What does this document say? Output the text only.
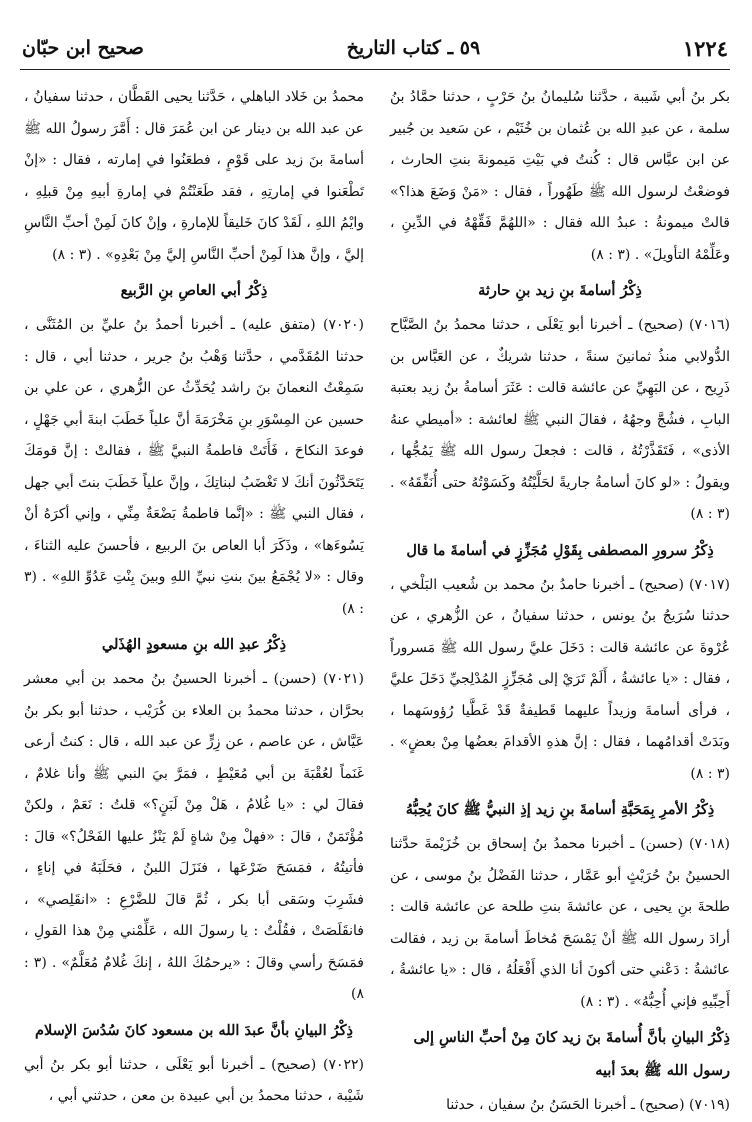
١٢٢٤
٥٩ ـ كتاب التاريخ
صحيح ابن حبّان

بكر بنُ أبي شَيبة ، حدَّثنا سُليمانُ بنُ حَرْبٍ ، حدثنا حمَّادُ بنُ سلمة ، عن عبدِ الله بن عُثمان بن خُثَيْم ، عن سَعيد بن جُبير عن ابن عبَّاس قال : كُنتُ في بَيْتِ مَيمونةَ بنتِ الحارث ، فوضعْتُ لرسول الله ﷺ طَهُوراً ، فقال : «مَنْ وَضَعَ هذا؟» قالتْ ميمونةُ : عبدُ الله فقال : «اللهُمَّ فَقِّهْهُ في الدِّينِ ، وعَلِّمْهُ التأويلَ» . (٣ : ٨)

ذِكْرُ أسامةَ بنِ زيد بنِ حارثة

(٧٠١٦) (صحيح) ـ أخبرنا أبو يَعْلَى ، حدثنا محمدُ بنُ الصَّبَّاح الدُّولابي منذُ ثمانينَ سنةً ، حدثنا شريكٌ ، عن العَبَّاس بن ذَرِيح ، عن البَهِيِّ عن عائشة قالت : عَثَرَ أسامةُ بنُ زيد بعتبة البابِ ، فشُجَّ وجهُهُ ، فقالَ النبي ﷺ لعائشة : «أميطي عنهُ الأذى» ، فَتَقَذَّرْتُهُ ، قالت : فجعلَ رسول الله ﷺ يَمُجُّها ، ويقولُ : «لو كانَ أسامةُ جاريةً لحَلَّيْتُهُ وكَسَوْتُهُ حتى أُنَفِّقَهُ» . (٣ : ٨)

ذِكْرُ سرورِ المصطفى بِقَوْلِ مُجَزِّزٍ في أسامةَ ما قال

(٧٠١٧) (صحيح) ـ أخبرنا حامدُ بنُ محمد بن شُعيب البَلْخي ، حدثنا سُرَيجُ بنُ يونس ، حدثنا سفيانُ ، عن الزُّهري ، عن عُرْوةَ عن عائشة قالت : دَخَلَ عليَّ رسول الله ﷺ مَسروراً ، فقال : «يا عائشةُ ، أَلَمْ تَرَيْ إلى مُجَزِّزٍ المُدْلِجيِّ دَخَلَ عليَّ ، فرأى أسامةَ وزيداً عليهما قَطيفةٌ قَدْ غَطَّيا رُؤوسَهما ، وبَدَتْ أقدامُهما ، فقال : إنَّ هذهِ الأقدامَ بعضُها مِنْ بعضٍ» . (٣ : ٨)

ذِكْرُ الأمرِ بِمَحَبَّةِ أسامةَ بنِ زيد إذِ النبيُّ ﷺ كانَ يُحِبُّهُ

(٧٠١٨) (حسن) ـ أخبرنا محمدُ بنُ إسحاق بن خُزَيْمةَ حدَّثنا الحسينُ بنُ حُرَيْثٍ أبو عَمَّار ، حدثنا الفَضْلُ بنُ موسى ، عن طلحةَ بنِ يحيى ، عن عائشةَ بنتِ طلحة عن عائشة قالت : أرادَ رسول الله ﷺ أنْ يَمْسَحَ مُخاطَ أسامةَ بن زيد ، فقالت عائشةُ : دَعْني حتى أكونَ أنا الذي أَفْعَلُهُ ، قال : «يا عائشةُ ، أَحِبِّيهِ فإني أُحِبُّهُ» . (٣ : ٨)

ذِكْرُ البيانِ بأنَّ أُسامةَ بنَ زيد كانَ مِنْ أحبِّ الناسِ إلى رسول الله ﷺ بعدَ أبيه

(٧٠١٩) (صحيح) ـ أخبرنا الحَسَنُ بنُ سفيان ، حدثنا

محمدُ بن خَلاد الباهلي ، حَدَّثنا يحيى القَطَّان ، حدثنا سفيانُ ، عن عبد الله بن دينار عن ابن عُمَرَ قال : أَمَّرَ رسولُ الله ﷺ أسامةَ بنَ زيد على قَوْمٍ ، فطعَنُوا في إمارته ، فقال : «إنْ تَطْعَنوا في إمارتِهِ ، فقد طَعَنْتُمْ في إمارةِ أبيهِ مِنْ قبلِهِ ، وايْمُ اللهِ ، لَقَدْ كانَ خَليقاً للإمارةِ ، وإنْ كانَ لَمِنْ أحبِّ النَّاسِ إليَّ ، وإنَّ هذا لَمِنْ أحبِّ النَّاسِ إليَّ مِنْ بَعْدِهِ» . (٣ : ٨)

ذِكْرُ أبي العاصِ بنِ الرَّبيع

(٧٠٢٠) (متفق عليه) ـ أخبرنا أحمدُ بنُ عليِّ بن المُثَنَّى ، حدثنا المُقَدَّمي ، حدَّثنا وَهْبُ بنُ جرير ، حدثنا أبي ، قال : سَمِعْتُ النعمانَ بنَ راشد يُحَدِّثُ عن الزُّهري ، عن علي بن حسين عن المِسْوَرِ بنِ مَخْرَمَةَ أنَّ علياً خَطَبَ ابنةَ أبي جَهْلٍ ، فوعدَ النكاحَ ، فَأَتَتْ فاطمةُ النبيَّ ﷺ ، فقالتْ : إنَّ قومَكَ يَتَحَدَّثُونَ أنكَ لا تَغْضَبُ لبناتِكَ ، وإنَّ علياً خَطَبَ بنتَ أبي جهل ، فقال النبي ﷺ : «إنَّما فاطمةُ بَضْعَةٌ مِنِّي ، وإني أكرَهُ أنْ يَسُوءَها» ، وذَكَرَ أبا العاص بنَ الربيع ، فأحسنَ عليه الثناءَ ، وقال : «لا يُجْمَعُ بينَ بنتِ نبيِّ اللهِ وبينَ بِنْتِ عَدُوِّ اللهِ» . (٣ : ٨)

ذِكْرُ عبدِ الله بنِ مسعودٍ الهُذَلي

(٧٠٢١) (حسن) ـ أخبرنا الحسينُ بنُ محمد بن أبي معشر بحرَّان ، حدثنا محمدُ بن العلاء بن كُرَيْب ، حدثنا أبو بكر بنُ عَيَّاش ، عن عاصم ، عن زِرٍّ عن عبد الله ، قال : كنتُ أرعى غَنَماً لعُقْبَةَ بن أبي مُعَيْطٍ ، فمَرَّ بيَ النبي ﷺ وأنا غلامٌ ، فقالَ لي : «يا غُلامُ ، هَلْ مِنْ لَبَنٍ؟» قلتُ : نَعَمْ ، ولكنْ مُؤْتَمَنٌ ، قالَ : «فهلْ مِنْ شاةٍ لَمْ يَنْزُ عليها الفَحْلُ؟» قالَ : فأتيتُهُ ، فمَسَحَ ضَرْعَها ، فنَزَلَ اللبنُ ، فحَلَبَهُ في إناءٍ ، فشَرِبَ وسَقى أبا بكر ، ثُمَّ قالَ للضَّرْعِ : «انقَلِصي» ، فانقَلَصَتْ ، فقُلْتُ : يا رسولَ الله ، عَلِّمْني مِنْ هذا القولِ ، فمَسَحَ رأسي وقالَ : «يرحمُكَ اللهُ ، إنكَ غُلامٌ مُعَلَّمٌ» . (٣ : ٨)

ذِكْرُ البيانِ بأنَّ عبدَ الله بن مسعود كانَ سُدُسَ الإسلام

(٧٠٢٢) (صحيح) ـ أخبرنا أبو يَعْلَى ، حدثنا أبو بكر بنُ أبي شَيْبة ، حدثنا محمدُ بن أبي عبيدة بن معن ، حدثني أبي ،
